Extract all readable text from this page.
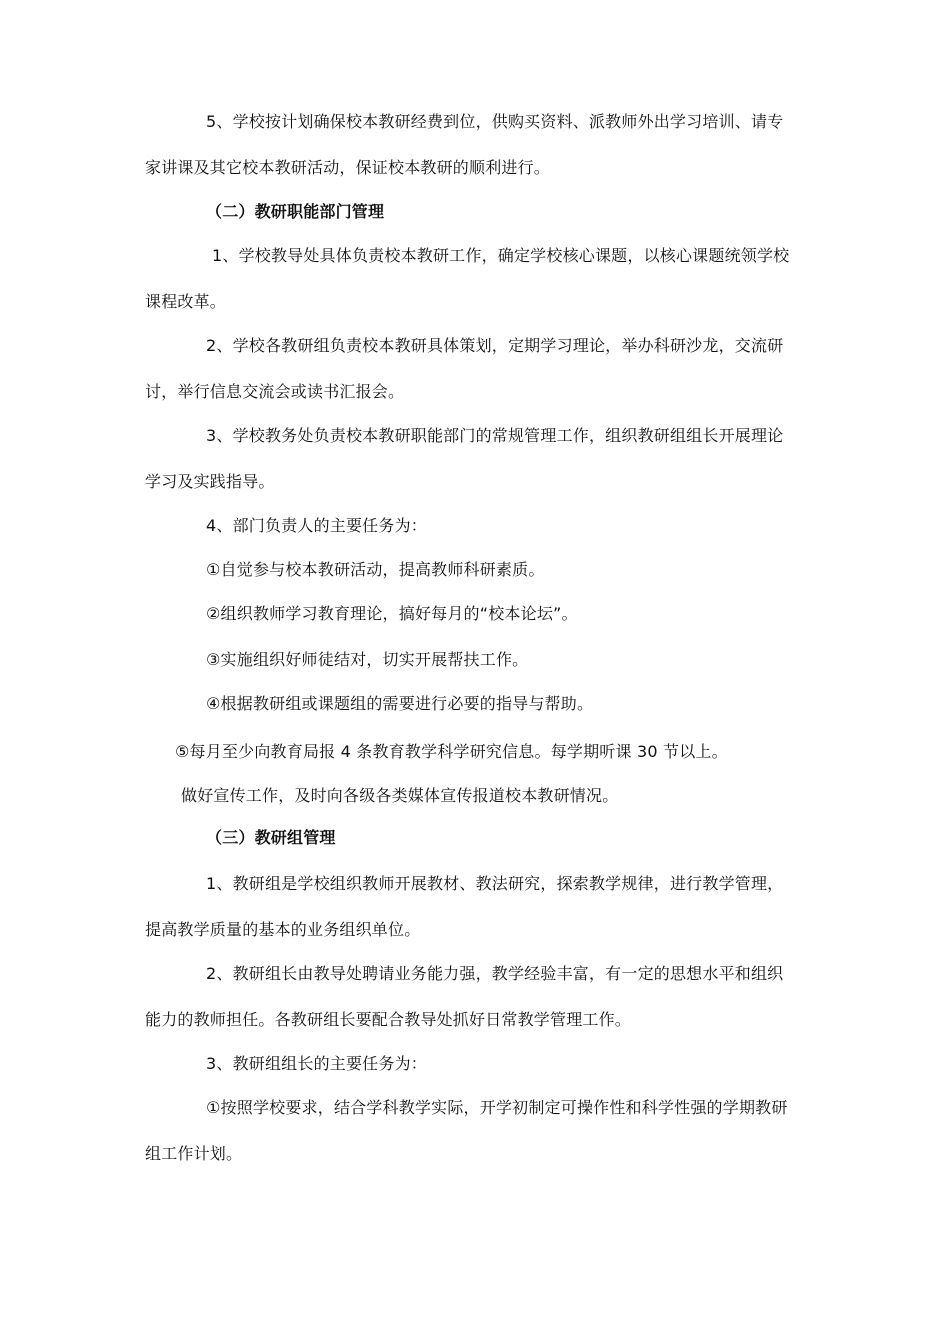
5、学校按计划确保校本教研经费到位，供购买资料、派教师外出学习培训、请专
家讲课及其它校本教研活动，保证校本教研的顺利进行。
（二）教研职能部门管理
1、学校教导处具体负责校本教研工作，确定学校核心课题，以核心课题统领学校
课程改革。
2、学校各教研组负责校本教研具体策划，定期学习理论，举办科研沙龙，交流研
讨，举行信息交流会或读书汇报会。
3、学校教务处负责校本教研职能部门的常规管理工作，组织教研组组长开展理论
学习及实践指导。
4、部门负责人的主要任务为：
①自觉参与校本教研活动，提高教师科研素质。
②组织教师学习教育理论，搞好每月的“校本论坛”。
③实施组织好师徒结对，切实开展帮扶工作。
④根据教研组或课题组的需要进行必要的指导与帮助。
⑤每月至少向教育局报 4 条教育教学科学研究信息。每学期听课 30 节以上。
做好宣传工作，及时向各级各类媒体宣传报道校本教研情况。
（三）教研组管理
1、教研组是学校组织教师开展教材、教法研究，探索教学规律，进行教学管理，
提高教学质量的基本的业务组织单位。
2、教研组长由教导处聘请业务能力强，教学经验丰富，有一定的思想水平和组织
能力的教师担任。各教研组长要配合教导处抓好日常教学管理工作。
3、教研组组长的主要任务为：
①按照学校要求，结合学科教学实际，开学初制定可操作性和科学性强的学期教研
组工作计划。
